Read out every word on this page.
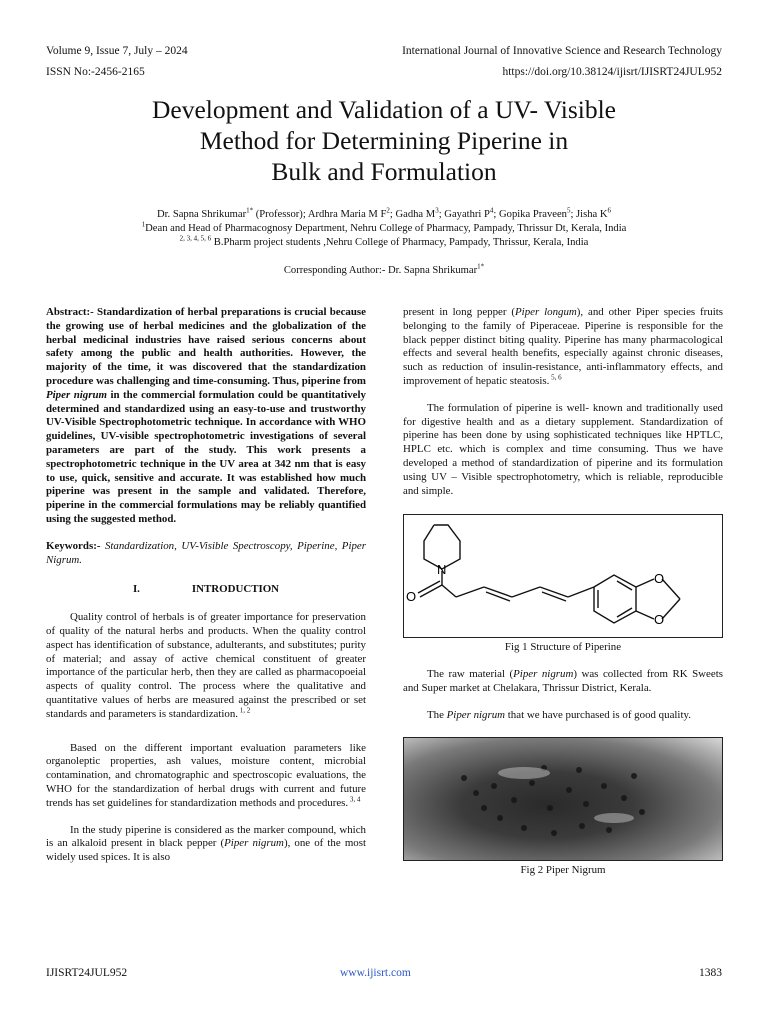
Volume 9, Issue 7, July – 2024	International Journal of Innovative Science and Research Technology
ISSN No:-2456-2165	https://doi.org/10.38124/ijisrt/IJISRT24JUL952
Development and Validation of a UV- Visible
Method for Determining Piperine in
Bulk and Formulation
Dr. Sapna Shrikumar$^{1*}$ (Professor); Ardhra Maria M $F^2$; Gadha $M^3$; Gayathri $P^4$; Gopika Praveen$^5$; Jisha $K^6$
$^1$Dean and Head of Pharmacognosy Department, Nehru College of Pharmacy, Pampady, Thrissur Dt, Kerala, India
$^{2, 3, 4, 5, 6}$ B.Pharm project students ,Nehru College of Pharmacy, Pampady, Thrissur, Kerala, India
Corresponding Author:- Dr. Sapna Shrikumar$^{1*}$

Abstract:- Standardization of herbal preparations is crucial because the growing use of herbal medicines and the globalization of the herbal medicinal industries have raised serious concerns about safety among the public and health authorities. However, the majority of the time, it was discovered that the standardization procedure was challenging and time-consuming. Thus, piperine from Piper nigrum in the commercial formulation could be quantitatively determined and standardized using an easy-to-use and trustworthy UV-Visible Spectrophotometric technique. In accordance with WHO guidelines, UV-visible spectrophotometric investigations of several parameters are part of the study. This work presents a spectrophotometric technique in the UV area at 342 nm that is easy to use, quick, sensitive and accurate. It was established how much piperine was present in the sample and validated. Therefore, piperine in the commercial formulations may be reliably quantified using the suggested method.

Keywords:- Standardization, UV-Visible Spectroscopy, Piperine, Piper Nigrum.

I.	INTRODUCTION

Quality control of herbals is of greater importance for preservation of quality of the natural herbs and products. When the quality control aspect has identification of substance, adulterants, and substitutes; purity of material; and assay of active chemical constituent of greater importance of the particular herb, then they are called as pharmacopoeial aspects of quality control. The process where the qualitative and quantitative values of herbs are measured against the prescribed or set standards and parameters is standardization. $^{1, 2}$

Based on the different important evaluation parameters like organoleptic properties, ash values, moisture content, microbial contamination, and chromatographic and spectroscopic evaluations, the WHO for the standardization of herbal drugs with current and future trends has set guidelines for standardization methods and procedures. $^{3, 4}$

In the study piperine is considered as the marker compound, which is an alkaloid present in black pepper (Piper nigrum), one of the most widely used spices. It is also

present in long pepper (Piper longum), and other Piper species fruits belonging to the family of Piperaceae. Piperine is responsible for the black pepper distinct biting quality. Piperine has many pharmacological effects and several health benefits, especially against chronic diseases, such as reduction of insulin-resistance, anti-inflammatory effects, and improvement of hepatic steatosis. $^{5, 6}$

The formulation of piperine is well- known and traditionally used for digestive health and as a dietary supplement. Standardization of piperine has been done by using sophisticated techniques like HPTLC, HPLC etc. which is complex and time consuming. Thus we have developed a method of standardization of piperine and its formulation using UV – Visible spectrophotometry, which is reliable, reproducible and simple.

N
O
O
O

Fig 1 Structure of Piperine

The raw material (Piper nigrum) was collected from RK Sweets and Super market at Chelakara, Thrissur District, Kerala.

The Piper nigrum that we have purchased is of good quality.

Fig 2 Piper Nigrum

IJISRT24JUL952	www.ijisrt.com	1383
